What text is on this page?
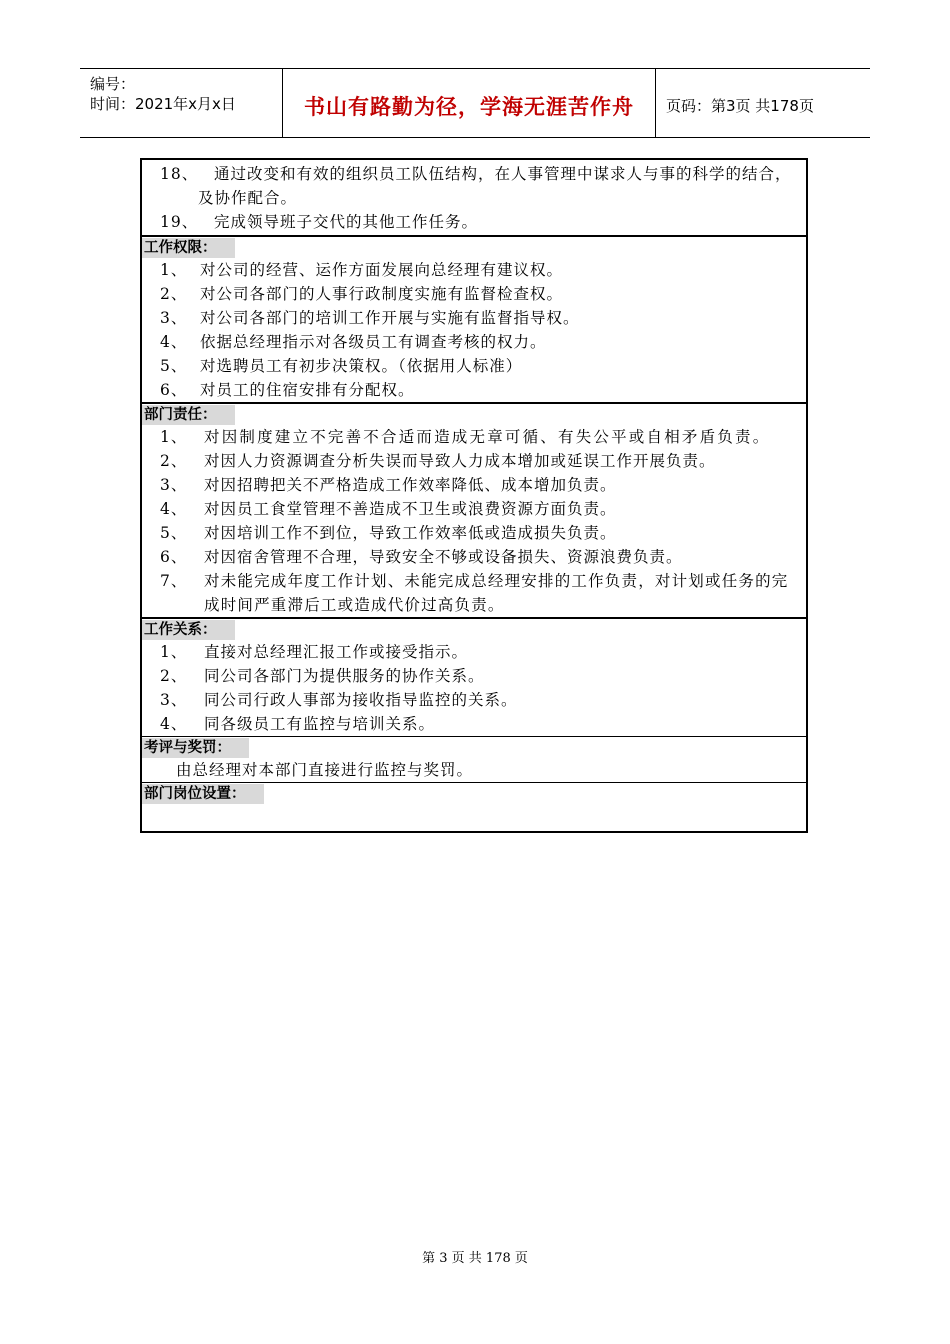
编号：
时间：2021年x月x日	书山有路勤为径，学海无涯苦作舟	页码：第3页 共178页
18、	通过改变和有效的组织员工队伍结构，在人事管理中谋求人与事的科学的结合，及协作配合。
19、 完成领导班子交代的其他工作任务。
工作权限：
1、 对公司的经营、运作方面发展向总经理有建议权。
2、 对公司各部门的人事行政制度实施有监督检查权。
3、 对公司各部门的培训工作开展与实施有监督指导权。
4、 依据总经理指示对各级员工有调查考核的权力。
5、 对选聘员工有初步决策权。（依据用人标准）
6、 对员工的住宿安排有分配权。
部门责任：
1、 对因制度建立不完善不合适而造成无章可循、有失公平或自相矛盾负责。
2、 对因人力资源调查分析失误而导致人力成本增加或延误工作开展负责。
3、 对因招聘把关不严格造成工作效率降低、成本增加负责。
4、 对因员工食堂管理不善造成不卫生或浪费资源方面负责。
5、 对因培训工作不到位，导致工作效率低或造成损失负责。
6、 对因宿舍管理不合理，导致安全不够或设备损失、资源浪费负责。
7、 对未能完成年度工作计划、未能完成总经理安排的工作负责，对计划或任务的完成时间严重滞后工或造成代价过高负责。
工作关系：
1、 直接对总经理汇报工作或接受指示。
2、 同公司各部门为提供服务的协作关系。
3、 同公司行政人事部为接收指导监控的关系。
4、 同各级员工有监控与培训关系。
考评与奖罚：
由总经理对本部门直接进行监控与奖罚。
部门岗位设置：
第 3 页 共 178 页
